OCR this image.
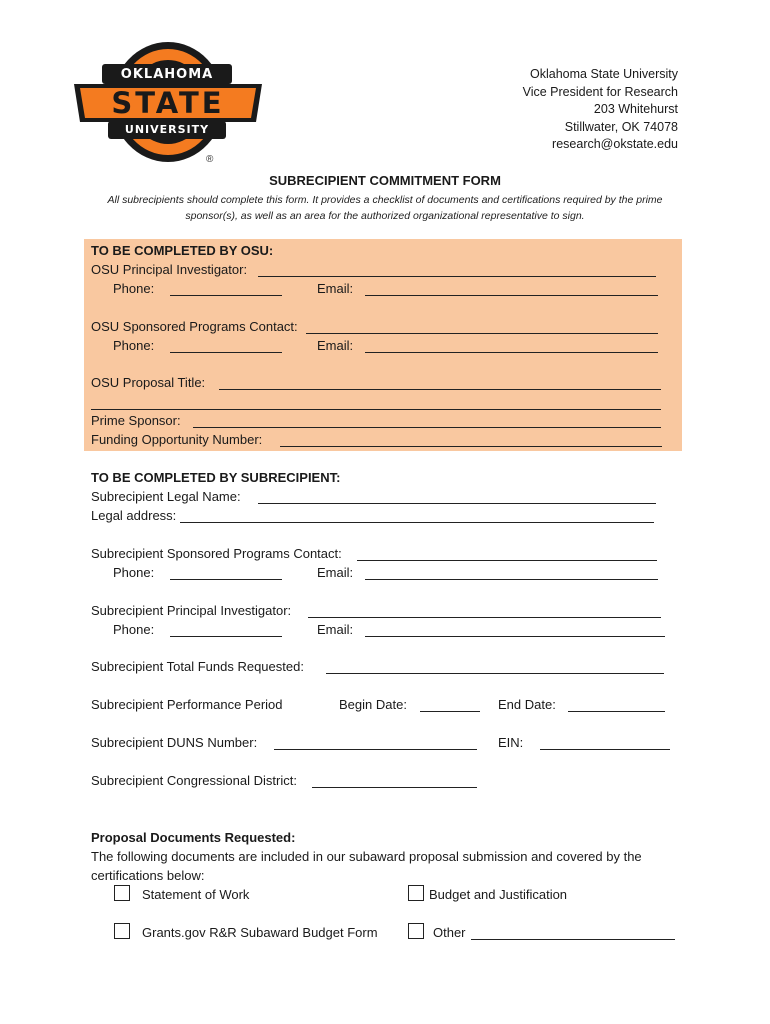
OKLAHOMA
STATE
UNIVERSITY
®
Oklahoma State University
Vice President for Research
203 Whitehurst
Stillwater, OK 74078
research@okstate.edu
SUBRECIPIENT COMMITMENT FORM
All subrecipients should complete this form. It provides a checklist of documents and certifications required by the prime sponsor(s), as well as an area for the authorized organizational representative to sign.
TO BE COMPLETED BY OSU:
OSU Principal Investigator:
Phone:	Email:
OSU Sponsored Programs Contact:
Phone:	Email:
OSU Proposal Title:
Prime Sponsor:
Funding Opportunity Number:
TO BE COMPLETED BY SUBRECIPIENT:
Subrecipient Legal Name:
Legal address:
Subrecipient Sponsored Programs Contact:
Phone:	Email:
Subrecipient Principal Investigator:
Phone:	Email:
Subrecipient Total Funds Requested:
Subrecipient Performance Period	Begin Date:	End Date:
Subrecipient DUNS Number:	EIN:
Subrecipient Congressional District:
Proposal Documents Requested:
The following documents are included in our subaward proposal submission and covered by the certifications below:
Statement of Work	Budget and Justification
Grants.gov R&R Subaward Budget Form	Other
